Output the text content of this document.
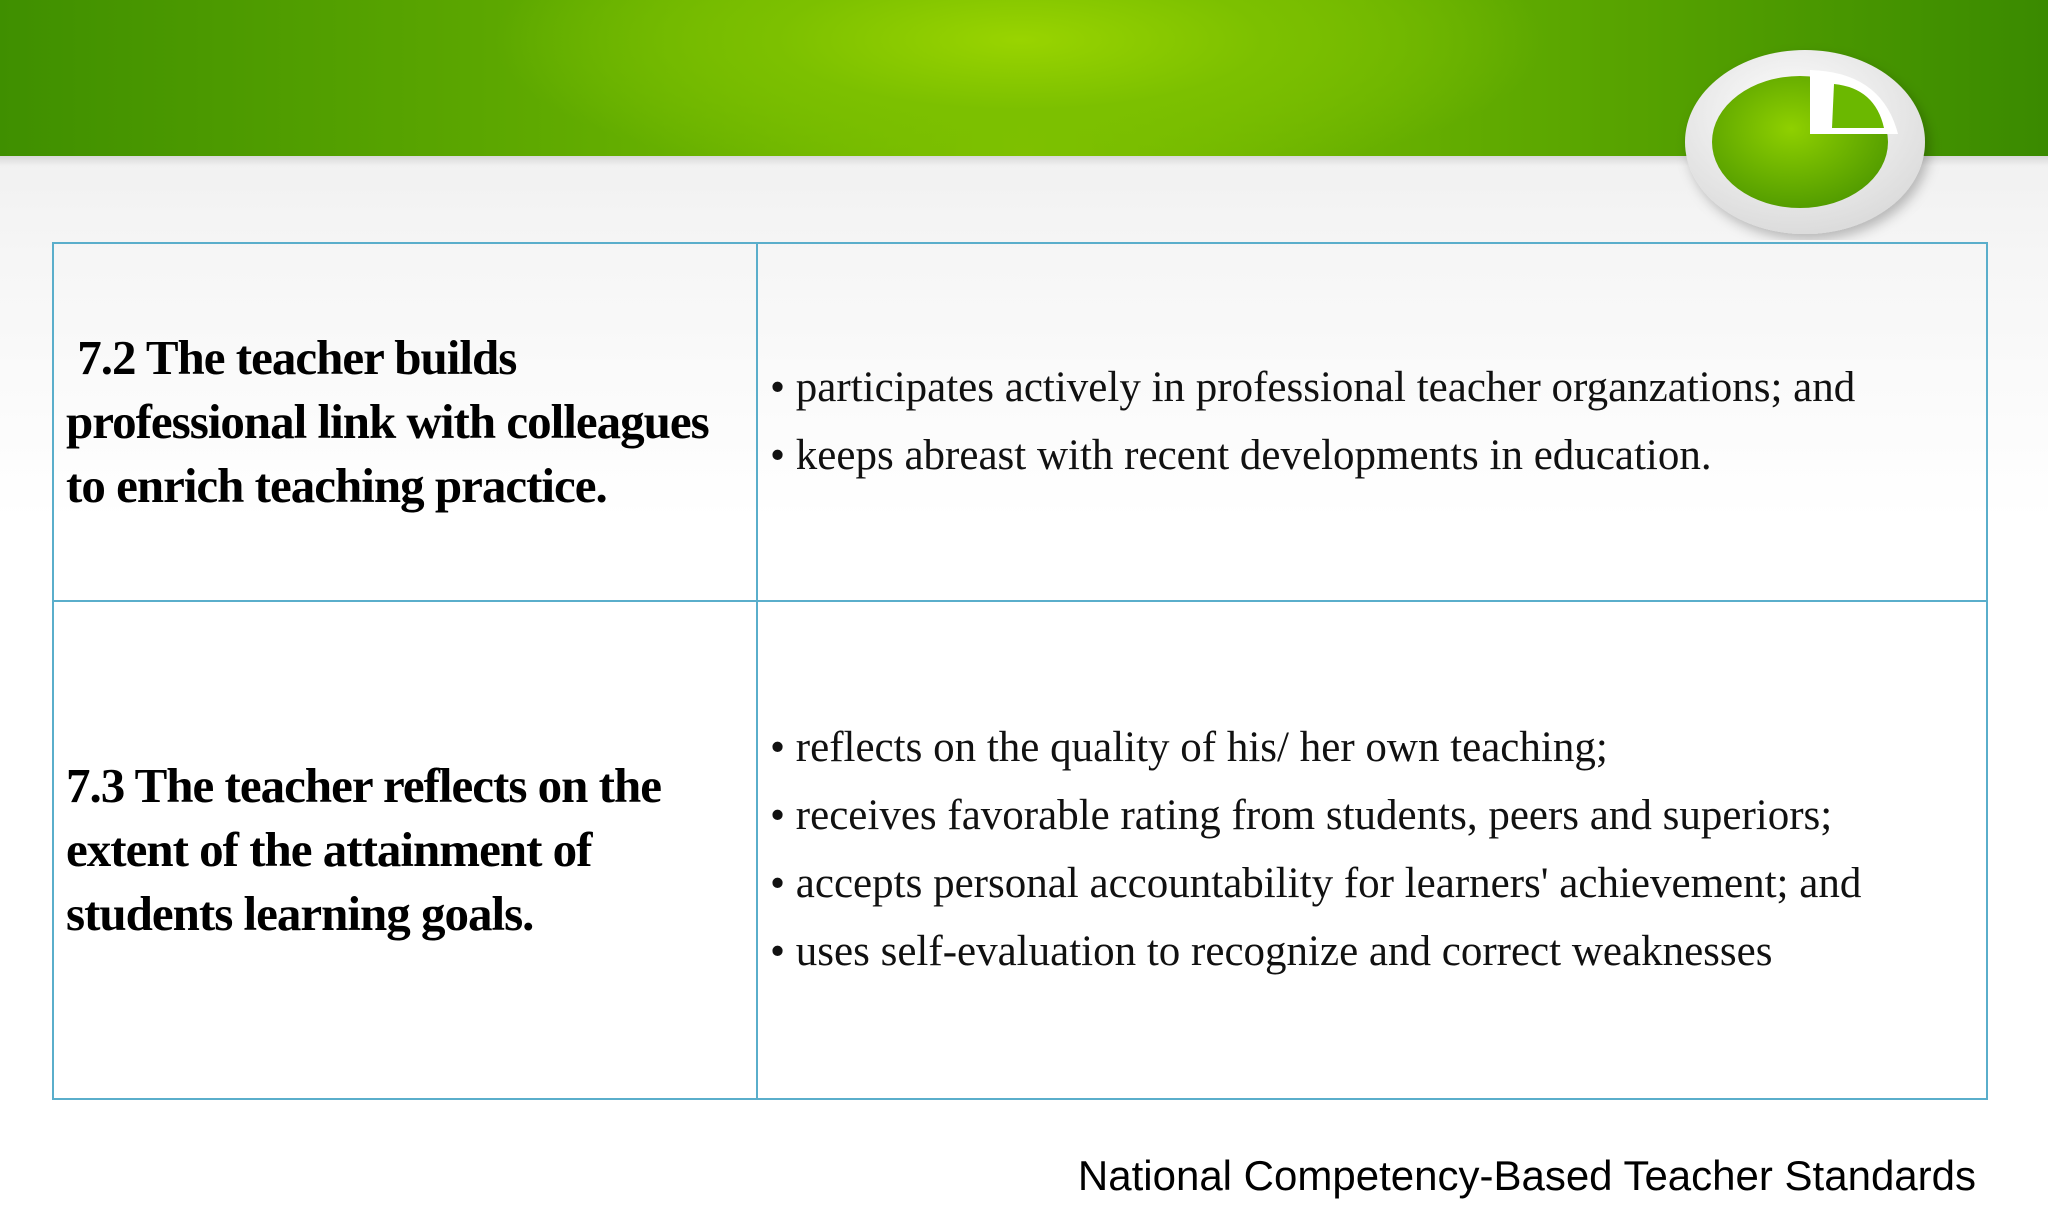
7.2 The teacher builds professional link with colleagues to enrich teaching practice.	• participates actively in professional teacher organzations; and
• keeps abreast with recent developments in education.

7.3 The teacher reflects on the extent of the attainment of students learning goals.	• reflects on the quality of his/ her own teaching;
• receives favorable rating from students, peers and superiors;
• accepts personal accountability for learners' achievement; and
• uses self-evaluation to recognize and correct weaknesses
National Competency-Based Teacher Standards
